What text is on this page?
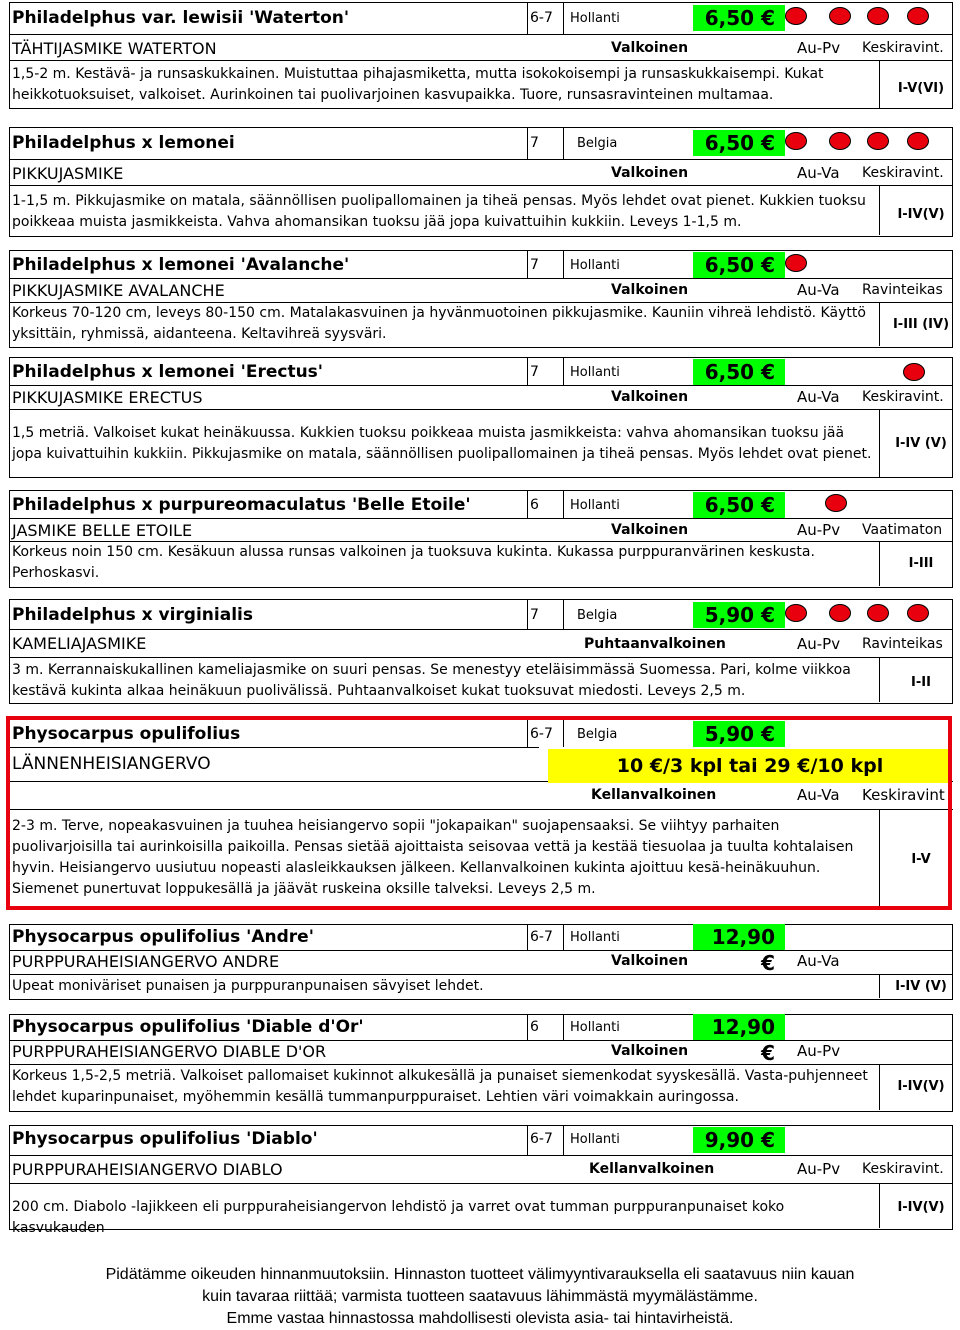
Philadelphus var. lewisii 'Waterton'	6-7 Hollanti	6,50 €
TÄHTIJASMIKE WATERTON	Valkoinen	Au-Pv Keskiravint.
1,5-2 m. Kestävä- ja runsaskukkainen. Muistuttaa pihajasmiketta, mutta isokokoisempi ja runsaskukkaisempi. Kukat heikkotuoksuiset, valkoiset. Aurinkoinen tai puolivarjoinen kasvupaikka. Tuore, runsasravinteinen multamaa.	I-V(VI)
Philadelphus x lemonei	7	Belgia	6,50 €
PIKKUJASMIKE	Valkoinen	Au-Va Keskiravint.
1-1,5 m. Pikkujasmike on matala, säännöllisen puolipallomainen ja tiheä pensas. Myös lehdet ovat pienet. Kukkien tuoksu poikkeaa muista jasmikkeista. Vahva ahomansikan tuoksu jää jopa kuivattuihin kukkiin. Leveys 1-1,5 m.	I-IV(V)
Philadelphus x lemonei 'Avalanche'	7 Hollanti	6,50 €
PIKKUJASMIKE AVALANCHE	Valkoinen	Au-Va Ravinteikas
Korkeus 70-120 cm, leveys 80-150 cm. Matalakasvuinen ja hyvänmuotoinen pikkujasmike. Kauniin vihreä lehdistö. Käyttö yksittäin, ryhmissä, aidanteena. Keltavihreä syysväri.
I-III (IV)
Philadelphus x lemonei 'Erectus'	7 Hollanti	6,50 €
PIKKUJASMIKE ERECTUS	Valkoinen	Au-Va Keskiravint.
1,5 metriä. Valkoiset kukat heinäkuussa. Kukkien tuoksu poikkeaa muista jasmikkeista: vahva ahomansikan tuoksu jää jopa kuivattuihin kukkiin. Pikkujasmike on matala, säännöllisen puolipallomainen ja tiheä pensas. Myös lehdet ovat pienet.
I-IV (V)
Philadelphus x purpureomaculatus 'Belle Etoile'	6 Hollanti	6,50 €
JASMIKE BELLE ETOILE	Valkoinen	Au-Pv Vaatimaton
Korkeus noin 150 cm. Kesäkuun alussa runsas valkoinen ja tuoksuva kukinta. Kukassa purppuranvärinen keskusta. Perhoskasvi.
I-III
Philadelphus x virginialis	7	Belgia	5,90 €
KAMELIAJASMIKE	Puhtaanvalkoinen	Au-Pv Ravinteikas
3 m. Kerrannaiskukallinen kameliajasmike on suuri pensas. Se menestyy eteläisimmässä Suomessa. Pari, kolme viikkoa kestävä kukinta alkaa heinäkuun puolivälissä. Puhtaanvalkoiset kukat tuoksuvat miedosti. Leveys 2,5 m.
I-II
Physocarpus opulifolius	6-7 Belgia	5,90 €
LÄNNENHEISIANGERVO	10 €/3 kpl tai 29 €/10 kpl
Kellanvalkoinen	Au-Va Keskiravint
2-3 m. Terve, nopeakasvuinen ja tuuhea heisiangervo sopii "jokapaikan" suojapensaaksi. Se viihtyy parhaiten puolivarjoisilla tai aurinkoisilla paikoilla. Pensas sietää ajoittaista seisovaa vettä ja kestää tiesuolaa ja tuulta kohtalaisen hyvin. Heisiangervo uusiutuu nopeasti alasleikkauksen jälkeen. Kellanvalkoinen kukinta ajoittuu kesä-heinäkuuhun. Siemenet punertuvat loppukesällä ja jäävät ruskeina oksille talveksi. Leveys 2,5 m.
I-V
Physocarpus opulifolius 'Andre'	6-7 Hollanti	12,90 €
PURPPURAHEISIANGERVO ANDRE	Valkoinen	Au-Va
Upeat moniväriset punaisen ja purppuranpunaisen sävyiset lehdet.	I-IV (V)
Physocarpus opulifolius 'Diable d'Or'	6 Hollanti	12,90 €
PURPPURAHEISIANGERVO DIABLE D'OR	Valkoinen	Au-Pv
Korkeus 1,5-2,5 metriä. Valkoiset pallomaiset kukinnot alkukesällä ja punaiset siemenkodat syyskesällä. Vasta-puhjenneet lehdet kuparinpunaiset, myöhemmin kesällä tummanpurppuraiset. Lehtien väri voimakkain auringossa.
I-IV(V)
Physocarpus opulifolius 'Diablo'	6-7 Hollanti	9,90 €
PURPPURAHEISIANGERVO DIABLO	Kellanvalkoinen	Au-Pv Keskiravint.
200 cm. Diabolo -lajikkeen eli purppuraheisiangervon lehdistö ja varret ovat tumman purppuranpunaiset koko kasvukauden
I-IV(V)
Pidätämme oikeuden hinnanmuutoksiin. Hinnaston tuotteet välimyyntivarauksella eli saatavuus niin kauan
kuin tavaraa riittää; varmista tuotteen saatavuus lähimmästä myymälästämme.
Emme vastaa hinnastossa mahdollisesti olevista asia- tai hintavirheistä.
